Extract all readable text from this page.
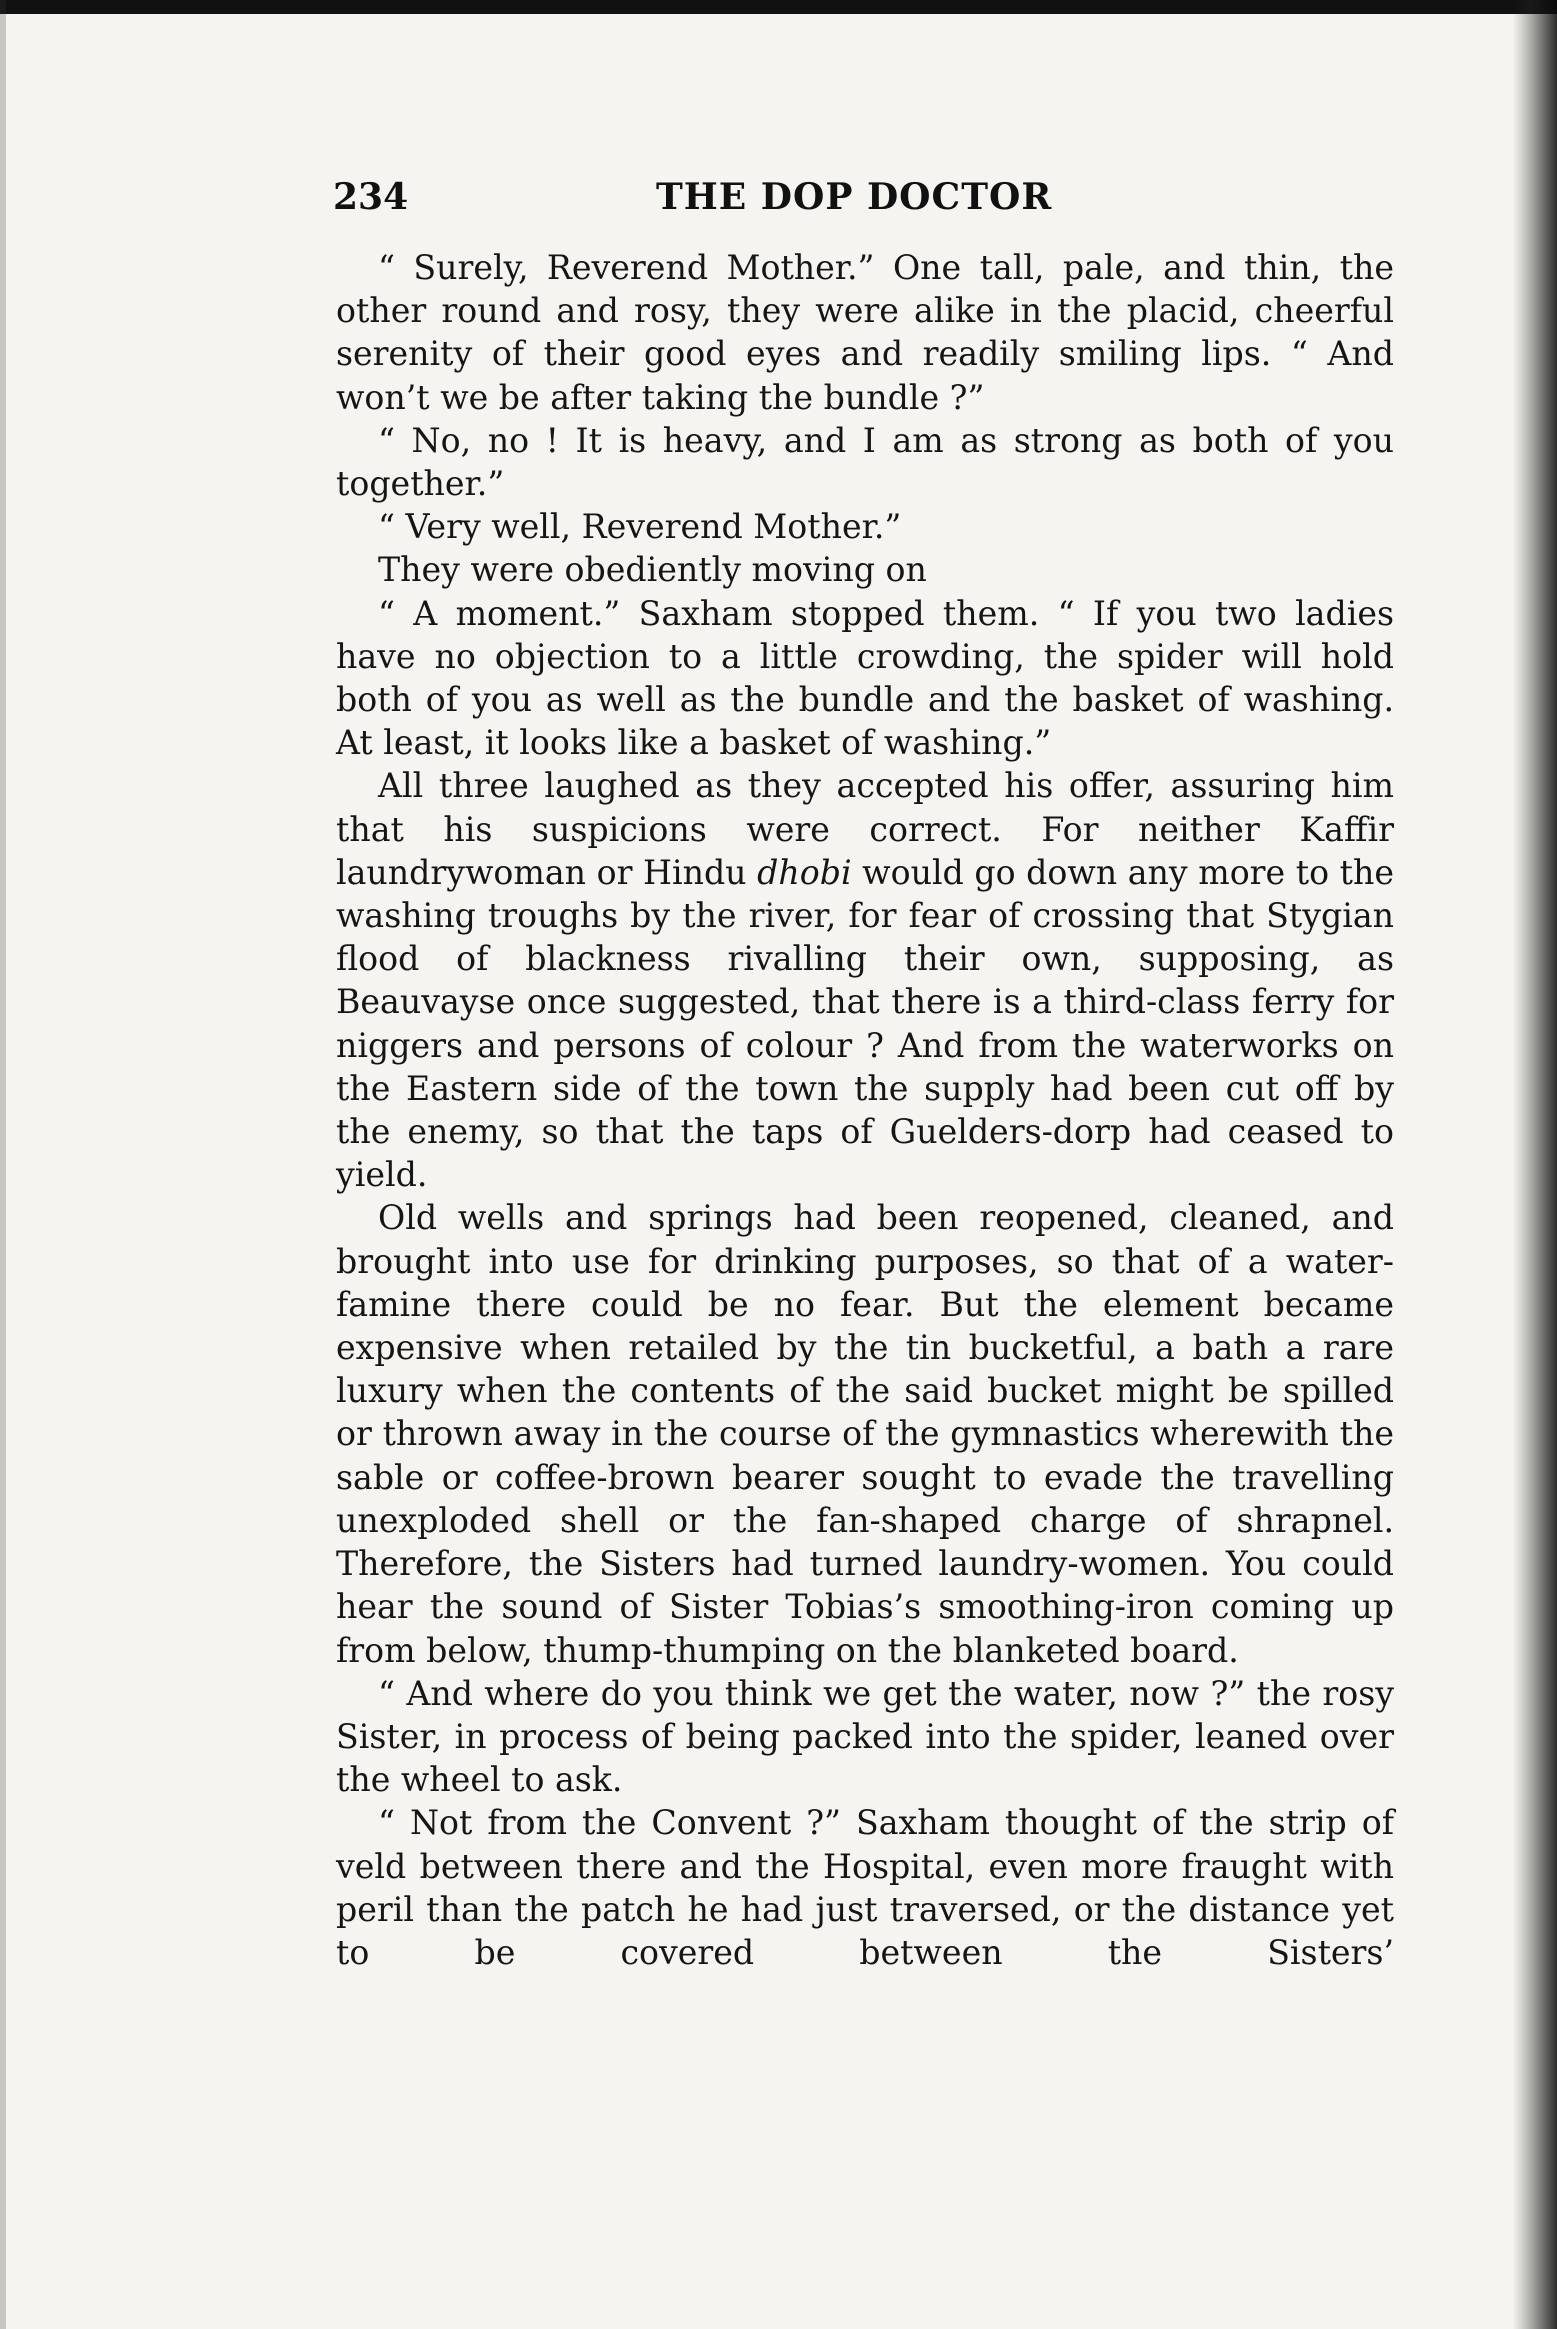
234	THE DOP DOCTOR

“ Surely, Reverend Mother.” One tall, pale, and thin, the other round and rosy, they were alike in the placid, cheerful serenity of their good eyes and readily smiling lips. “ And won’t we be after taking the bundle ?”

“ No, no ! It is heavy, and I am as strong as both of you together.”

“ Very well, Reverend Mother.”

They were obediently moving on

“ A moment.” Saxham stopped them. “ If you two ladies have no objection to a little crowding, the spider will hold both of you as well as the bundle and the basket of washing. At least, it looks like a basket of washing.”

All three laughed as they accepted his offer, assuring him that his suspicions were correct. For neither Kaffir laundrywoman or Hindu dhobi would go down any more to the washing troughs by the river, for fear of crossing that Stygian flood of blackness rivalling their own, supposing, as Beauvayse once suggested, that there is a third-class ferry for niggers and persons of colour ? And from the waterworks on the Eastern side of the town the supply had been cut off by the enemy, so that the taps of Guelders-dorp had ceased to yield.

Old wells and springs had been reopened, cleaned, and brought into use for drinking purposes, so that of a water-famine there could be no fear. But the element became expensive when retailed by the tin bucketful, a bath a rare luxury when the contents of the said bucket might be spilled or thrown away in the course of the gymnastics wherewith the sable or coffee-brown bearer sought to evade the travelling unexploded shell or the fan-shaped charge of shrapnel. Therefore, the Sisters had turned laundry-women. You could hear the sound of Sister Tobias’s smoothing-iron coming up from below, thump-thumping on the blanketed board.

“ And where do you think we get the water, now ?” the rosy Sister, in process of being packed into the spider, leaned over the wheel to ask.

“ Not from the Convent ?” Saxham thought of the strip of veld between there and the Hospital, even more fraught with peril than the patch he had just traversed, or the distance yet to be covered between the Sisters’
